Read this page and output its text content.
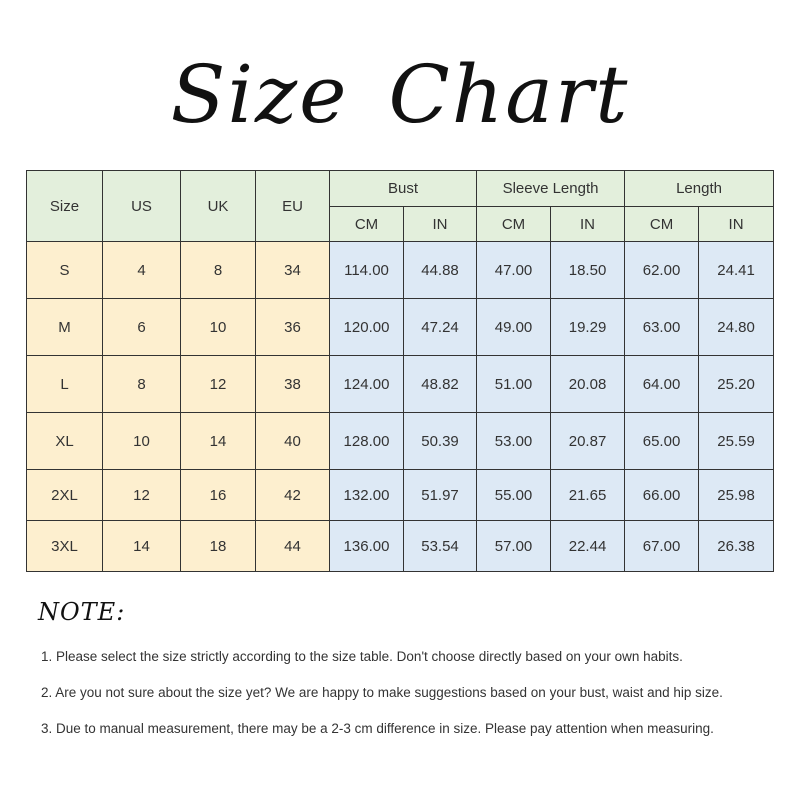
Size Chart
Size	US	UK	EU	Bust		Sleeve Length		Length	
				CM	IN	CM	IN	CM	IN
S	4	8	34	114.00	44.88	47.00	18.50	62.00	24.41
M	6	10	36	120.00	47.24	49.00	19.29	63.00	24.80
L	8	12	38	124.00	48.82	51.00	20.08	64.00	25.20
XL	10	14	40	128.00	50.39	53.00	20.87	65.00	25.59
2XL	12	16	42	132.00	51.97	55.00	21.65	66.00	25.98
3XL	14	18	44	136.00	53.54	57.00	22.44	67.00	26.38
NOTE:
1. Please select the size strictly according to the size table. Don't choose directly based on your own habits.
2. Are you not sure about the size yet? We are happy to make suggestions based on your bust, waist and hip size.
3. Due to manual measurement, there may be a 2-3 cm difference in size. Please pay attention when measuring.
